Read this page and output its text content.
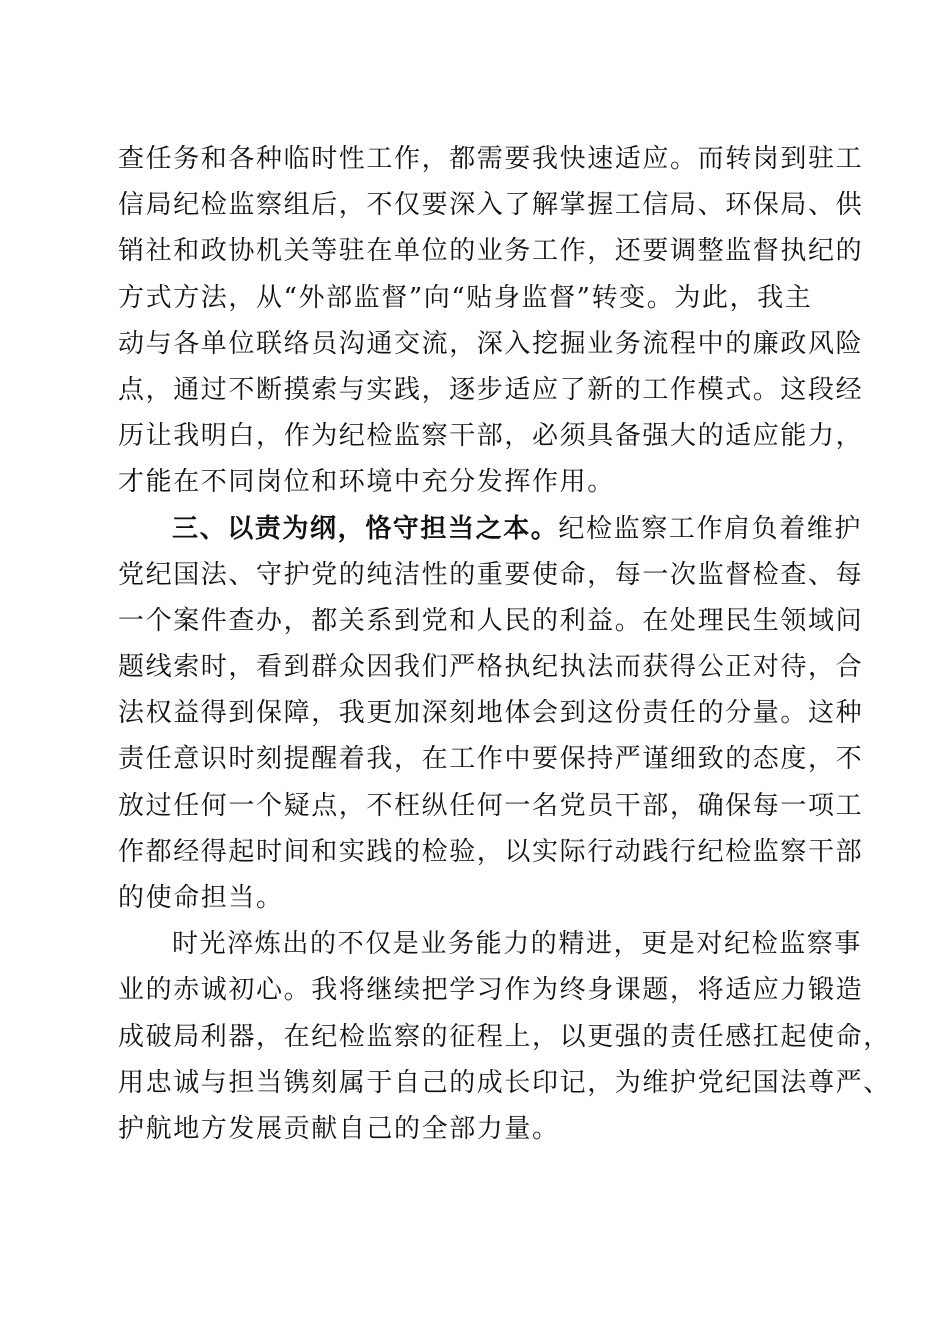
查任务和各种临时性工作，都需要我快速适应。而转岗到驻工
信局纪检监察组后，不仅要深入了解掌握工信局、环保局、供
销社和政协机关等驻在单位的业务工作，还要调整监督执纪的
方式方法，从“外部监督”向“贴身监督”转变。为此，我主
动与各单位联络员沟通交流，深入挖掘业务流程中的廉政风险
点，通过不断摸索与实践，逐步适应了新的工作模式。这段经
历让我明白，作为纪检监察干部，必须具备强大的适应能力，
才能在不同岗位和环境中充分发挥作用。
三、以责为纲，恪守担当之本。纪检监察工作肩负着维护
党纪国法、守护党的纯洁性的重要使命，每一次监督检查、每
一个案件查办，都关系到党和人民的利益。在处理民生领域问
题线索时，看到群众因我们严格执纪执法而获得公正对待，合
法权益得到保障，我更加深刻地体会到这份责任的分量。这种
责任意识时刻提醒着我，在工作中要保持严谨细致的态度，不
放过任何一个疑点，不枉纵任何一名党员干部，确保每一项工
作都经得起时间和实践的检验，以实际行动践行纪检监察干部
的使命担当。
时光淬炼出的不仅是业务能力的精进，更是对纪检监察事
业的赤诚初心。我将继续把学习作为终身课题，将适应力锻造
成破局利器，在纪检监察的征程上，以更强的责任感扛起使命，
用忠诚与担当镌刻属于自己的成长印记，为维护党纪国法尊严、
护航地方发展贡献自己的全部力量。
